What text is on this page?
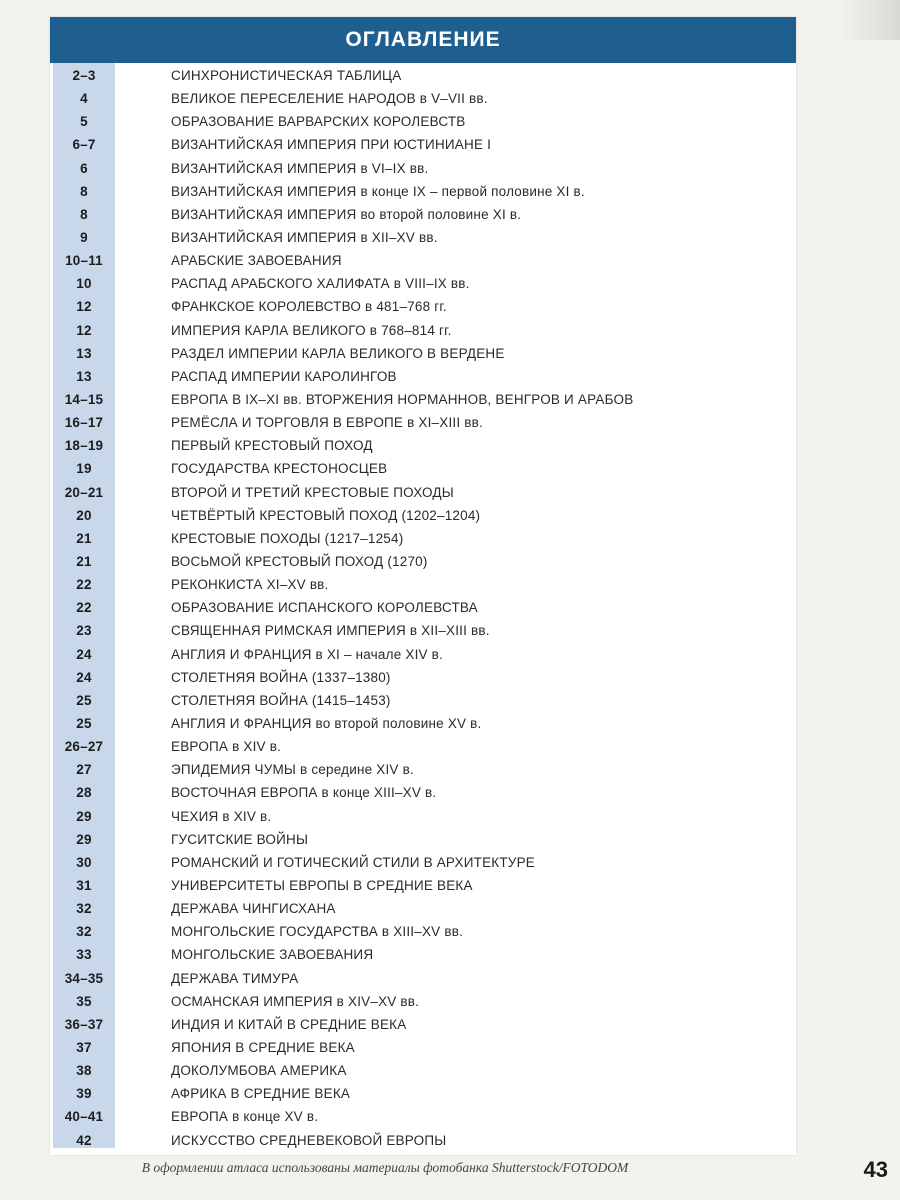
ОГЛАВЛЕНИЕ
2–3	СИНХРОНИСТИЧЕСКАЯ ТАБЛИЦА
4	ВЕЛИКОЕ ПЕРЕСЕЛЕНИЕ НАРОДОВ в V–VII вв.
5	ОБРАЗОВАНИЕ ВАРВАРСКИХ КОРОЛЕВСТВ
6–7	ВИЗАНТИЙСКАЯ ИМПЕРИЯ ПРИ ЮСТИНИАНЕ I
6	ВИЗАНТИЙСКАЯ ИМПЕРИЯ в VI–IX вв.
8	ВИЗАНТИЙСКАЯ ИМПЕРИЯ в конце IX – первой половине XI в.
8	ВИЗАНТИЙСКАЯ ИМПЕРИЯ во второй половине XI в.
9	ВИЗАНТИЙСКАЯ ИМПЕРИЯ в XII–XV вв.
10–11	АРАБСКИЕ ЗАВОЕВАНИЯ
10	РАСПАД АРАБСКОГО ХАЛИФАТА в VIII–IX вв.
12	ФРАНКСКОЕ КОРОЛЕВСТВО в 481–768 гг.
12	ИМПЕРИЯ КАРЛА ВЕЛИКОГО в 768–814 гг.
13	РАЗДЕЛ ИМПЕРИИ КАРЛА ВЕЛИКОГО В ВЕРДЕНЕ
13	РАСПАД ИМПЕРИИ КАРОЛИНГОВ
14–15	ЕВРОПА В IX–XI вв. ВТОРЖЕНИЯ НОРМАННОВ, ВЕНГРОВ И АРАБОВ
16–17	РЕМЁСЛА И ТОРГОВЛЯ В ЕВРОПЕ в XI–XIII вв.
18–19	ПЕРВЫЙ КРЕСТОВЫЙ ПОХОД
19	ГОСУДАРСТВА КРЕСТОНОСЦЕВ
20–21	ВТОРОЙ И ТРЕТИЙ КРЕСТОВЫЕ ПОХОДЫ
20	ЧЕТВЁРТЫЙ КРЕСТОВЫЙ ПОХОД (1202–1204)
21	КРЕСТОВЫЕ ПОХОДЫ (1217–1254)
21	ВОСЬМОЙ КРЕСТОВЫЙ ПОХОД (1270)
22	РЕКОНКИСТА XI–XV вв.
22	ОБРАЗОВАНИЕ ИСПАНСКОГО КОРОЛЕВСТВА
23	СВЯЩЕННАЯ РИМСКАЯ ИМПЕРИЯ в XII–XIII вв.
24	АНГЛИЯ И ФРАНЦИЯ в XI – начале XIV в.
24	СТОЛЕТНЯЯ ВОЙНА (1337–1380)
25	СТОЛЕТНЯЯ ВОЙНА (1415–1453)
25	АНГЛИЯ И ФРАНЦИЯ во второй половине XV в.
26–27	ЕВРОПА в XIV в.
27	ЭПИДЕМИЯ ЧУМЫ в середине XIV в.
28	ВОСТОЧНАЯ ЕВРОПА в конце XIII–XV в.
29	ЧЕХИЯ в XIV в.
29	ГУСИТСКИЕ ВОЙНЫ
30	РОМАНСКИЙ И ГОТИЧЕСКИЙ СТИЛИ В АРХИТЕКТУРЕ
31	УНИВЕРСИТЕТЫ ЕВРОПЫ В СРЕДНИЕ ВЕКА
32	ДЕРЖАВА ЧИНГИСХАНА
32	МОНГОЛЬСКИЕ ГОСУДАРСТВА в XIII–XV вв.
33	МОНГОЛЬСКИЕ ЗАВОЕВАНИЯ
34–35	ДЕРЖАВА ТИМУРА
35	ОСМАНСКАЯ ИМПЕРИЯ в XIV–XV вв.
36–37	ИНДИЯ И КИТАЙ В СРЕДНИЕ ВЕКА
37	ЯПОНИЯ В СРЕДНИЕ ВЕКА
38	ДОКОЛУМБОВА АМЕРИКА
39	АФРИКА В СРЕДНИЕ ВЕКА
40–41	ЕВРОПА в конце XV в.
42	ИСКУССТВО СРЕДНЕВЕКОВОЙ ЕВРОПЫ
В оформлении атласа использованы материалы фотобанка Shutterstock/FOTODOM	43
